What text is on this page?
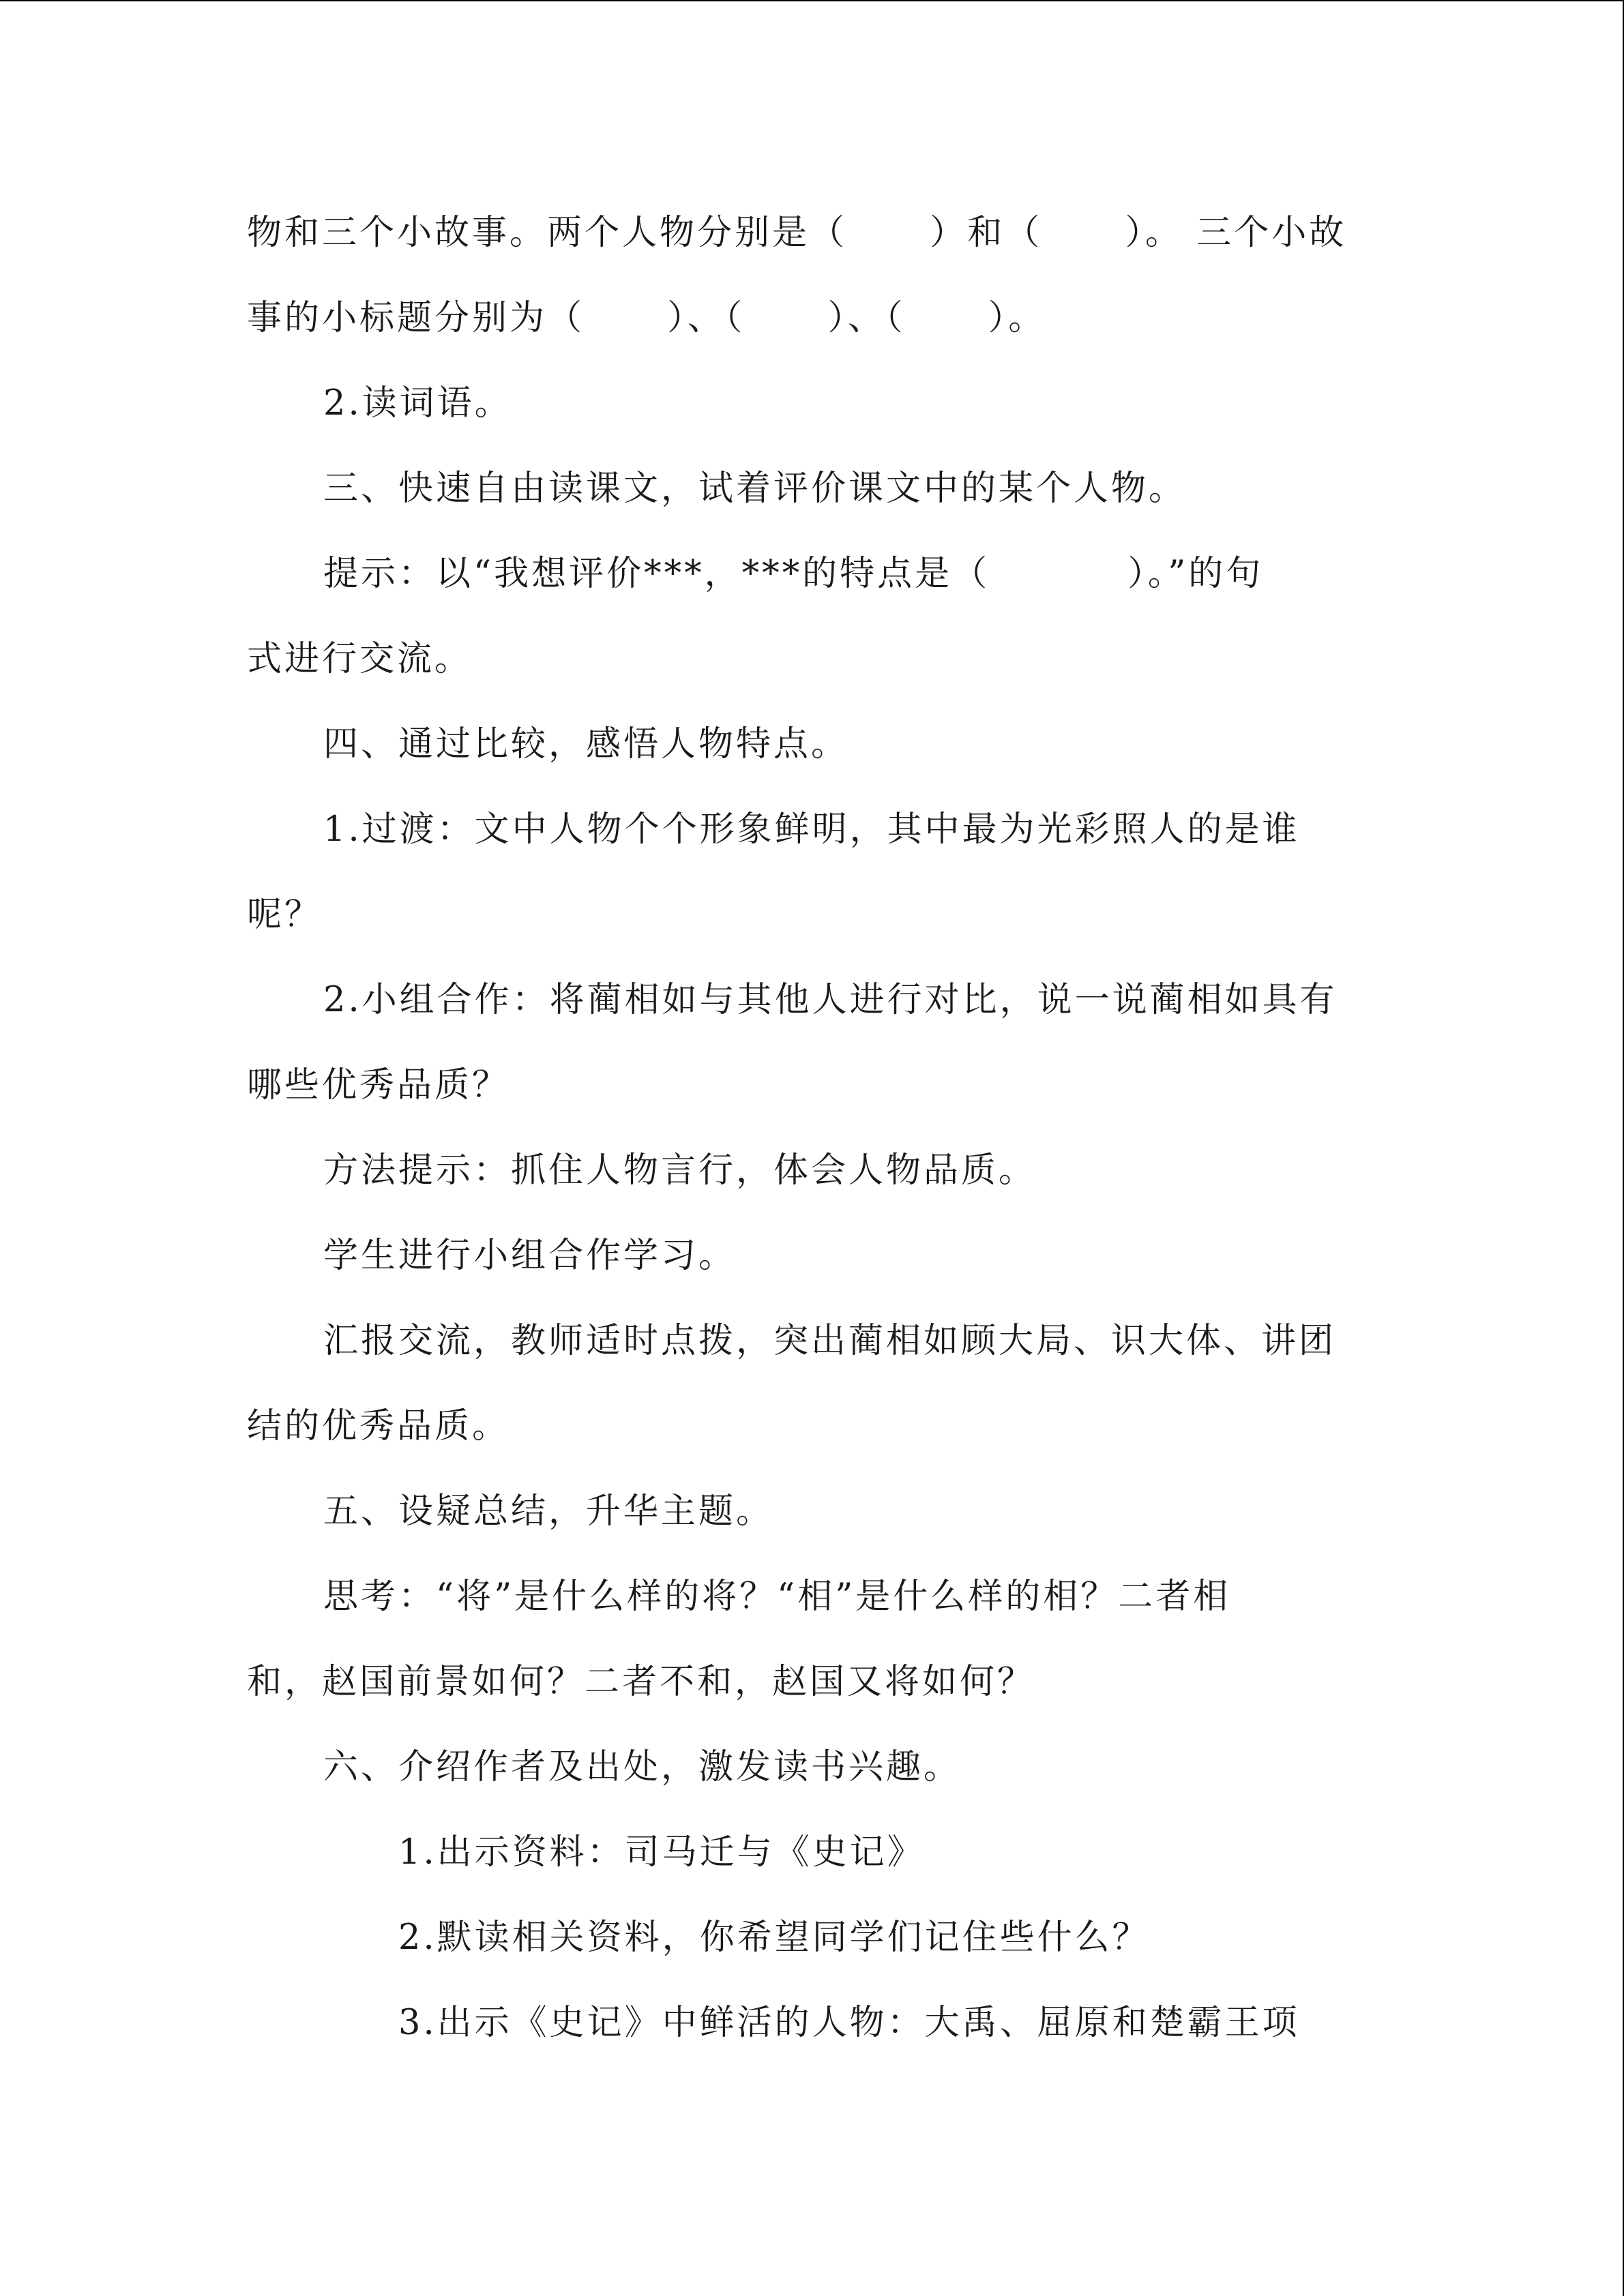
物和三个小故事。两个人物分别是（      ）和（      ）。 三个小故

事的小标题分别为（      ）、（      ）、（      ）。

2.读词语。

三、快速自由读课文，试着评价课文中的某个人物。

提示：以“我想评价***，***的特点是（          ）。”的句

式进行交流。

四、通过比较，感悟人物特点。

1.过渡：文中人物个个形象鲜明，其中最为光彩照人的是谁

呢？

2.小组合作：将蔺相如与其他人进行对比，说一说蔺相如具有

哪些优秀品质？

方法提示：抓住人物言行，体会人物品质。

学生进行小组合作学习。

汇报交流，教师适时点拨，突出蔺相如顾大局、识大体、讲团

结的优秀品质。

五、设疑总结，升华主题。

思考：“将”是什么样的将？“相”是什么样的相？二者相

和，赵国前景如何？二者不和，赵国又将如何？

六、介绍作者及出处，激发读书兴趣。

1.出示资料：司马迁与《史记》

2.默读相关资料，你希望同学们记住些什么？

3.出示《史记》中鲜活的人物：大禹、屈原和楚霸王项
